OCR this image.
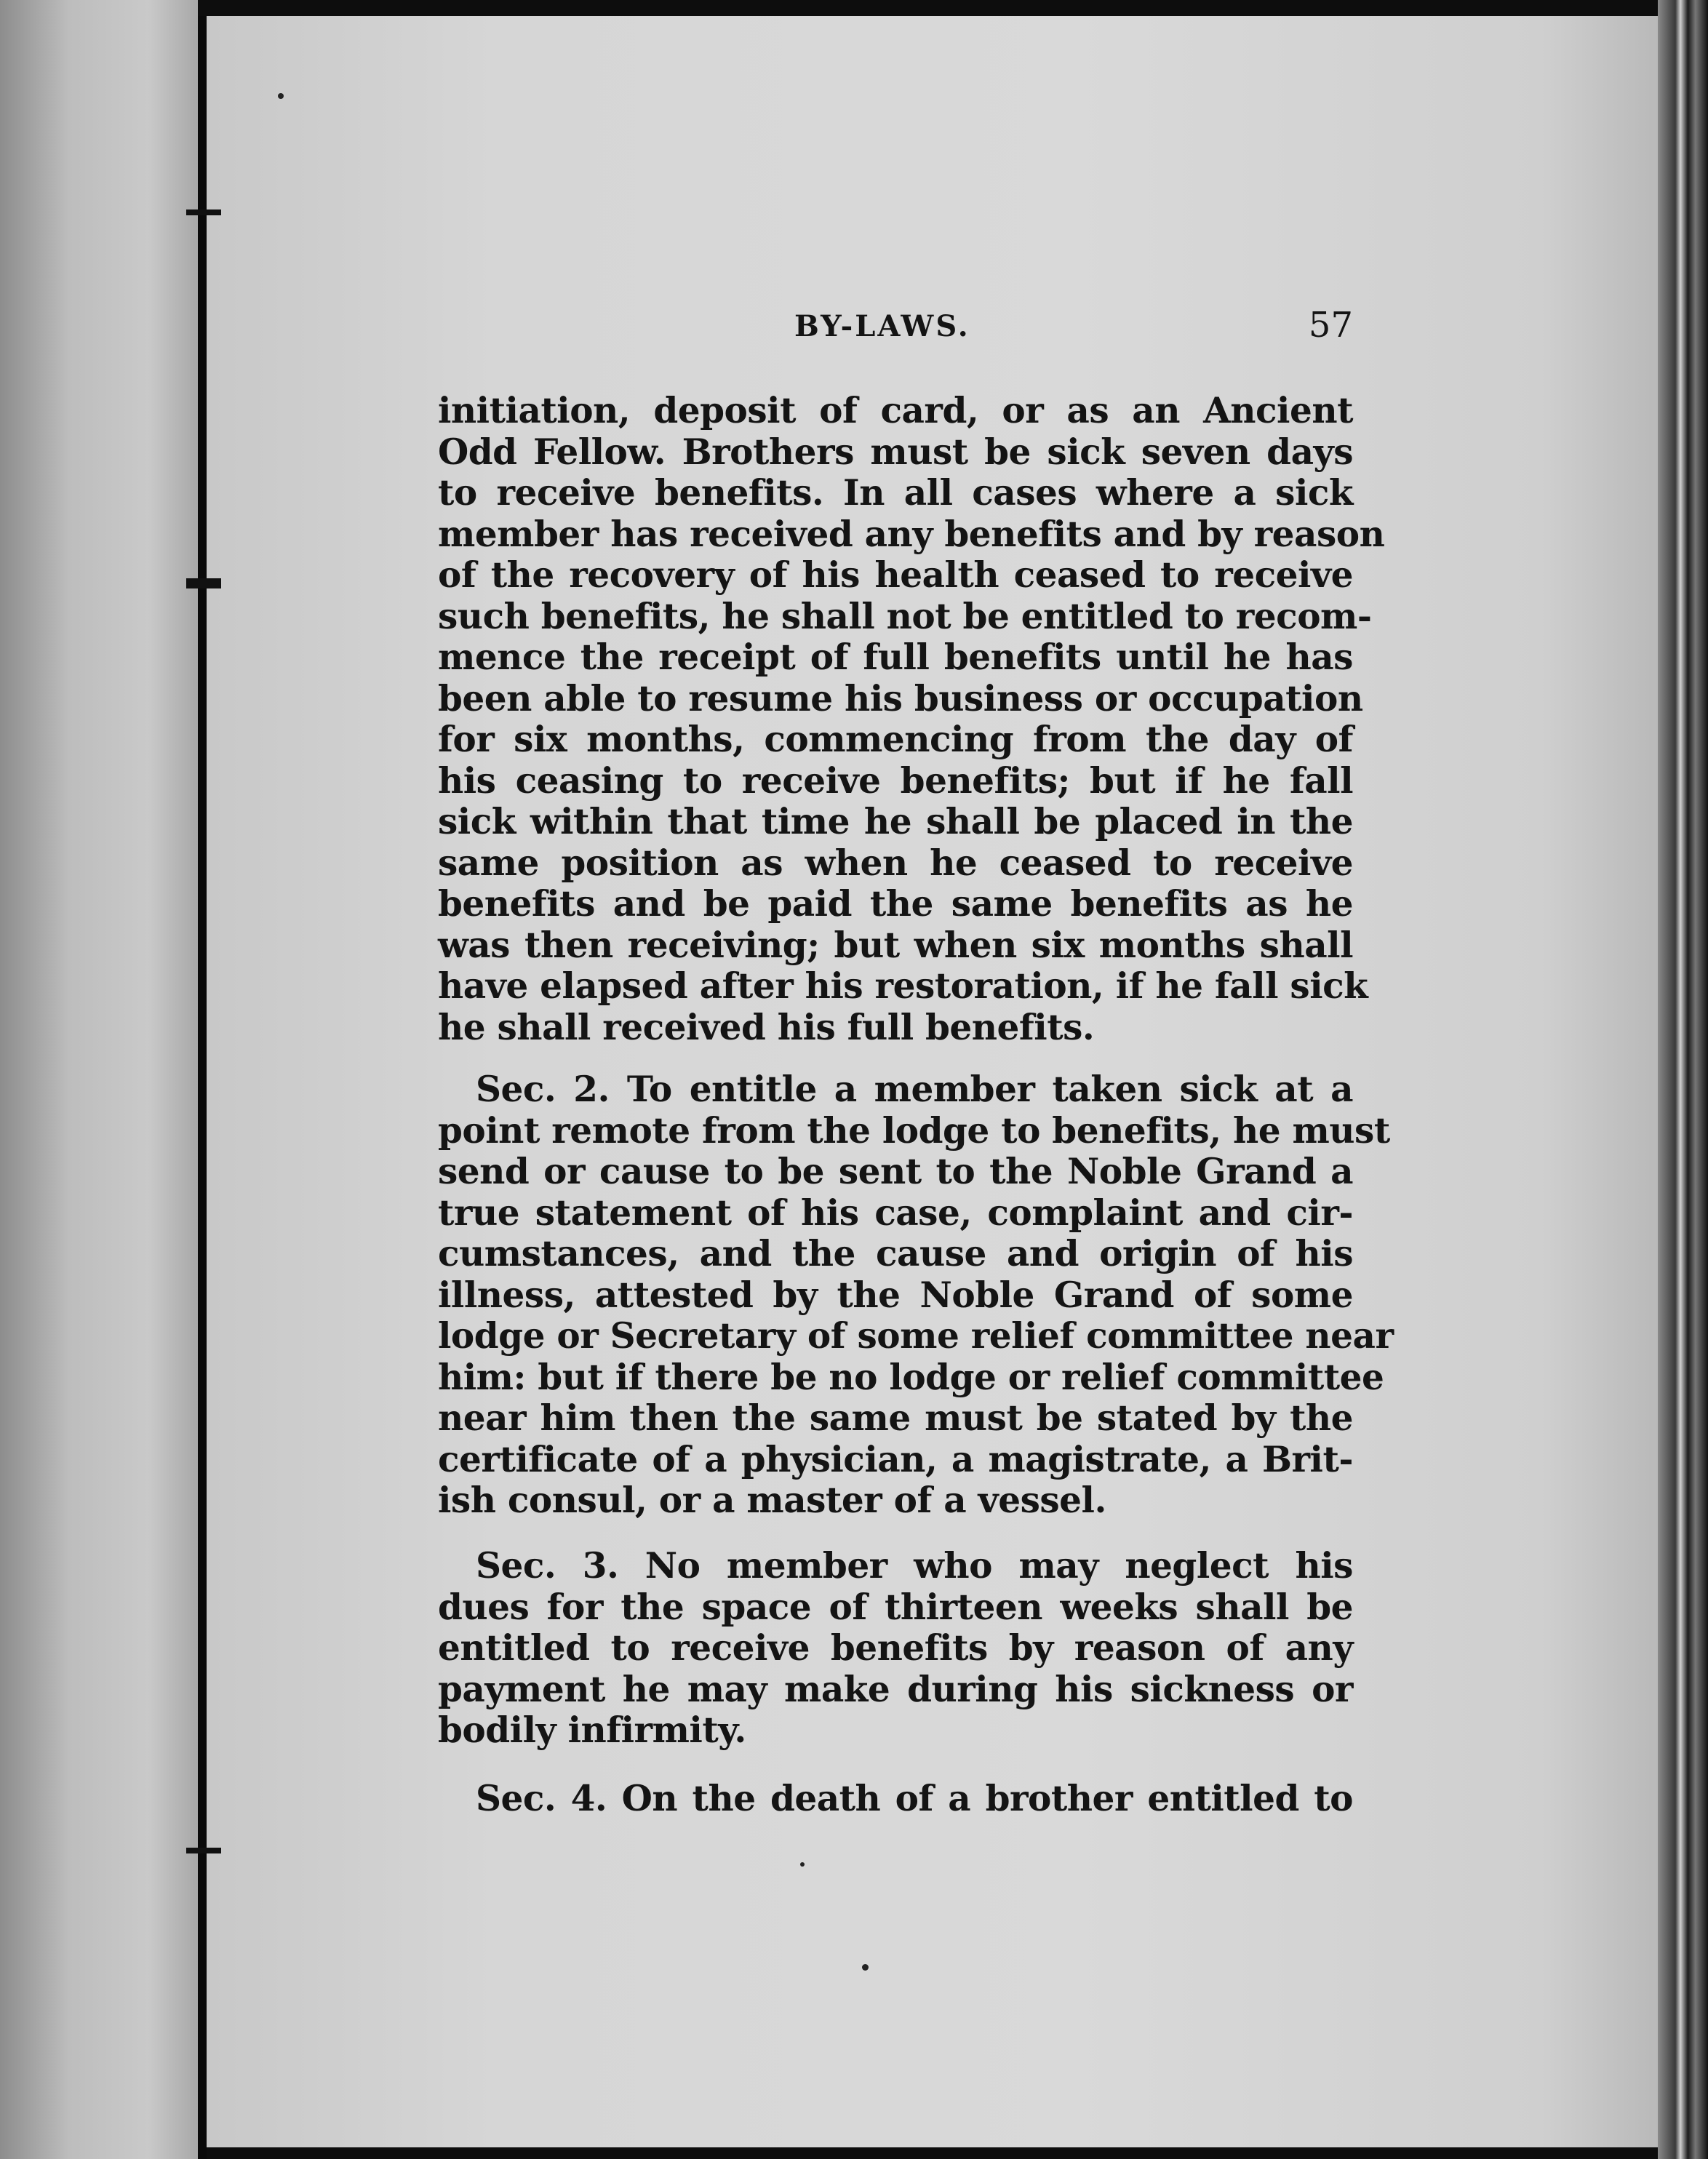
BY-LAWS.	57
initiation, deposit of card, or as an Ancient
Odd Fellow. Brothers must be sick seven days
to receive benefits. In all cases where a sick
member has received any benefits and by reason
of the recovery of his health ceased to receive
such benefits, he shall not be entitled to recom-
mence the receipt of full benefits until he has
been able to resume his business or occupation
for six months, commencing from the day of
his ceasing to receive benefits; but if he fall
sick within that time he shall be placed in the
same position as when he ceased to receive
benefits and be paid the same benefits as he
was then receiving; but when six months shall
have elapsed after his restoration, if he fall sick
he shall received his full benefits.
Sec. 2. To entitle a member taken sick at a
point remote from the lodge to benefits, he must
send or cause to be sent to the Noble Grand a
true statement of his case, complaint and cir-
cumstances, and the cause and origin of his
illness, attested by the Noble Grand of some
lodge or Secretary of some relief committee near
him: but if there be no lodge or relief committee
near him then the same must be stated by the
certificate of a physician, a magistrate, a Brit-
ish consul, or a master of a vessel.
Sec. 3. No member who may neglect his
dues for the space of thirteen weeks shall be
entitled to receive benefits by reason of any
payment he may make during his sickness or
bodily infirmity.
Sec. 4. On the death of a brother entitled to
